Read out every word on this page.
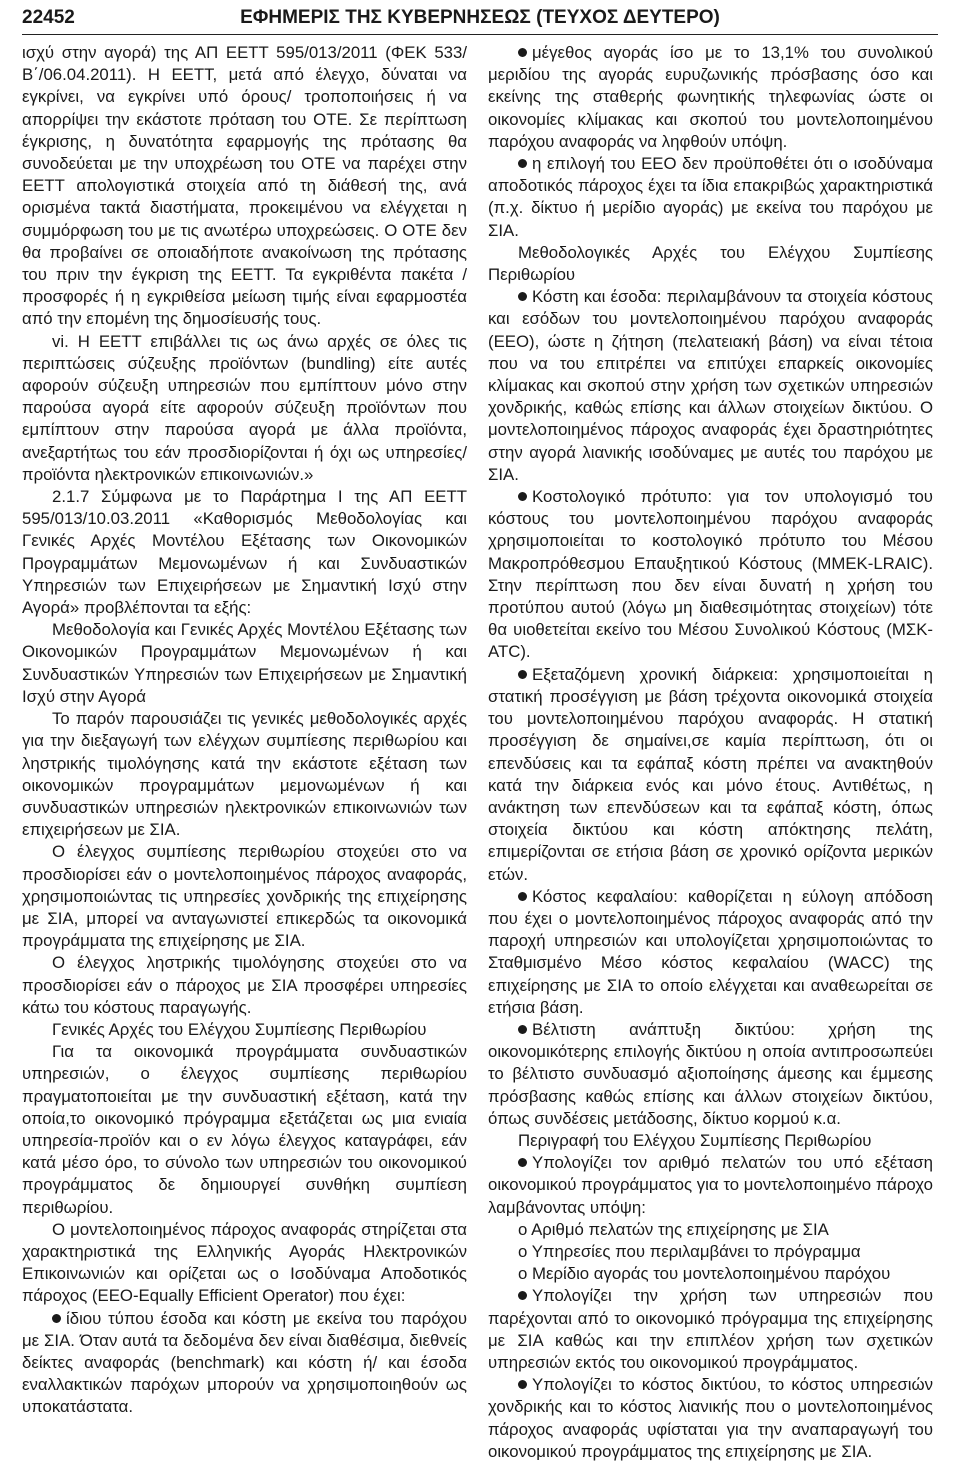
22452	ΕΦΗΜΕΡΙΣ ΤΗΣ ΚΥΒΕΡΝΗΣΕΩΣ (ΤΕΥΧΟΣ ΔΕΥΤΕΡΟ)

ισχύ στην αγορά) της ΑΠ ΕΕΤΤ 595/013/2011 (ΦΕΚ 533/Β΄/06.04.2011). Η ΕΕΤΤ, μετά από έλεγχο, δύναται να εγκρίνει, να εγκρίνει υπό όρους/ τροποποιήσεις ή να απορρίψει την εκάστοτε πρόταση του ΟΤΕ. Σε περίπτωση έγκρισης, η δυνατότητα εφαρμογής της πρότασης θα συνοδεύεται με την υποχρέωση του ΟΤΕ να παρέχει στην ΕΕΤΤ απολογιστικά στοιχεία από τη διάθεσή της, ανά ορισμένα τακτά διαστήματα, προκειμένου να ελέγχεται η συμμόρφωση του με τις ανωτέρω υποχρεώσεις. Ο ΟΤΕ δεν θα προβαίνει σε οποιαδήποτε ανακοίνωση της πρότασης του πριν την έγκριση της ΕΕΤΤ. Τα εγκριθέντα πακέτα / προσφορές ή η εγκριθείσα μείωση τιμής είναι εφαρμοστέα από την επομένη της δημοσίευσής τους.

vi. Η ΕΕΤΤ επιβάλλει τις ως άνω αρχές σε όλες τις περιπτώσεις σύζευξης προϊόντων (bundling) είτε αυτές αφορούν σύζευξη υπηρεσιών που εμπίπτουν μόνο στην παρούσα αγορά είτε αφορούν σύζευξη προϊόντων που εμπίπτουν στην παρούσα αγορά με άλλα προϊόντα, ανεξαρτήτως του εάν προσδιορίζονται ή όχι ως υπηρεσίες/ προϊόντα ηλεκτρονικών επικοινωνιών.»

2.1.7 Σύμφωνα με το Παράρτημα Ι της ΑΠ ΕΕΤΤ 595/013/10.03.2011 «Καθορισμός Μεθοδολογίας και Γενικές Αρχές Μοντέλου Εξέτασης των Οικονομικών Προγραμμάτων Μεμονωμένων ή και Συνδυαστικών Υπηρεσιών των Επιχειρήσεων με Σημαντική Ισχύ στην Αγορά» προβλέπονται τα εξής:

Μεθοδολογία και Γενικές Αρχές Μοντέλου Εξέτασης των Οικονομικών Προγραμμάτων Μεμονωμένων ή και Συνδυαστικών Υπηρεσιών των Επιχειρήσεων με Σημαντική Ισχύ στην Αγορά

Το παρόν παρουσιάζει τις γενικές μεθοδολογικές αρχές για την διεξαγωγή των ελέγχων συμπίεσης περιθωρίου και ληστρικής τιμολόγησης κατά την εκάστοτε εξέταση των οικονομικών προγραμμάτων μεμονωμένων ή και συνδυαστικών υπηρεσιών ηλεκτρονικών επικοινωνιών των επιχειρήσεων με ΣΙΑ.

Ο έλεγχος συμπίεσης περιθωρίου στοχεύει στο να προσδιορίσει εάν ο μοντελοποιημένος πάροχος αναφοράς, χρησιμοποιώντας τις υπηρεσίες χονδρικής της επιχείρησης με ΣΙΑ, μπορεί να ανταγωνιστεί επικερδώς τα οικονομικά προγράμματα της επιχείρησης με ΣΙΑ.

Ο έλεγχος ληστρικής τιμολόγησης στοχεύει στο να προσδιορίσει εάν ο πάροχος με ΣΙΑ προσφέρει υπηρεσίες κάτω του κόστους παραγωγής.

Γενικές Αρχές του Ελέγχου Συμπίεσης Περιθωρίου

Για τα οικονομικά προγράμματα συνδυαστικών υπηρεσιών, ο έλεγχος συμπίεσης περιθωρίου πραγματοποιείται με την συνδυαστική εξέταση, κατά την οποία,το οικονομικό πρόγραμμα εξετάζεται ως μια ενιαία υπηρεσία-προϊόν και ο εν λόγω έλεγχος καταγράφει, εάν κατά μέσο όρο, το σύνολο των υπηρεσιών του οικονομικού προγράμματος δε δημιουργεί συνθήκη συμπίεση περιθωρίου.

Ο μοντελοποιημένος πάροχος αναφοράς στηρίζεται στα χαρακτηριστικά της Ελληνικής Αγοράς Ηλεκτρονικών Επικοινωνιών και ορίζεται ως ο Ισοδύναμα Αποδοτικός πάροχος (ΕΕΟ-Equally Efficient Operator) που έχει:

ίδιου τύπου έσοδα και κόστη με εκείνα του παρόχου με ΣΙΑ. Όταν αυτά τα δεδομένα δεν είναι διαθέσιμα, διεθνείς δείκτες αναφοράς (benchmark) και κόστη ή/ και έσοδα εναλλακτικών παρόχων μπορούν να χρησιμοποιηθούν ως υποκατάστατα.

μέγεθος αγοράς ίσο με το 13,1% του συνολικού μεριδίου της αγοράς ευρυζωνικής πρόσβασης όσο και εκείνης της σταθερής φωνητικής τηλεφωνίας ώστε οι οικονομίες κλίμακας και σκοπού του μοντελοποιημένου παρόχου αναφοράς να ληφθούν υπόψη.

η επιλογή του ΕΕΟ δεν προϋποθέτει ότι ο ισοδύναμα αποδοτικός πάροχος έχει τα ίδια επακριβώς χαρακτηριστικά (π.χ. δίκτυο ή μερίδιο αγοράς) με εκείνα του παρόχου με ΣΙΑ.

Μεθοδολογικές Αρχές του Ελέγχου Συμπίεσης Περιθωρίου

Κόστη και έσοδα: περιλαμβάνουν τα στοιχεία κόστους και εσόδων του μοντελοποιημένου παρόχου αναφοράς (ΕΕΟ), ώστε η ζήτηση (πελατειακή βάση) να είναι τέτοια που να του επιτρέπει να επιτύχει επαρκείς οικονομίες κλίμακας και σκοπού στην χρήση των σχετικών υπηρεσιών χονδρικής, καθώς επίσης και άλλων στοιχείων δικτύου. Ο μοντελοποιημένος πάροχος αναφοράς έχει δραστηριότητες στην αγορά λιανικής ισοδύναμες με αυτές του παρόχου με ΣΙΑ.

Κοστολογικό πρότυπο: για τον υπολογισμό του κόστους του μοντελοποιημένου παρόχου αναφοράς χρησιμοποιείται το κοστολογικό πρότυπο του Μέσου Μακροπρόθεσμου Επαυξητικού Κόστους (ΜΜΕΚ-LRAIC). Στην περίπτωση που δεν είναι δυνατή η χρήση του προτύπου αυτού (λόγω μη διαθεσιμότητας στοιχείων) τότε θα υιοθετείται εκείνο του Μέσου Συνολικού Κόστους (ΜΣΚ-ATC).

Εξεταζόμενη χρονική διάρκεια: χρησιμοποιείται η στατική προσέγγιση με βάση τρέχοντα οικονομικά στοιχεία του μοντελοποιημένου παρόχου αναφοράς. Η στατική προσέγγιση δε σημαίνει,σε καμία περίπτωση, ότι οι επενδύσεις και τα εφάπαξ κόστη πρέπει να ανακτηθούν κατά την διάρκεια ενός και μόνο έτους. Αντιθέτως, η ανάκτηση των επενδύσεων και τα εφάπαξ κόστη, όπως στοιχεία δικτύου και κόστη απόκτησης πελάτη, επιμερίζονται σε ετήσια βάση σε χρονικό ορίζοντα μερικών ετών.

Κόστος κεφαλαίου: καθορίζεται η εύλογη απόδοση που έχει ο μοντελοποιημένος πάροχος αναφοράς από την παροχή υπηρεσιών και υπολογίζεται χρησιμοποιώντας το Σταθμισμένο Μέσο κόστος κεφαλαίου (WACC) της επιχείρησης με ΣΙΑ το οποίο ελέγχεται και αναθεωρείται σε ετήσια βάση.

Βέλτιστη ανάπτυξη δικτύου: χρήση της οικονομικότερης επιλογής δικτύου η οποία αντιπροσωπεύει το βέλτιστο συνδυασμό αξιοποίησης άμεσης και έμμεσης πρόσβασης καθώς επίσης και άλλων στοιχείων δικτύου, όπως συνδέσεις μετάδοσης, δίκτυο κορμού κ.α.

Περιγραφή του Ελέγχου Συμπίεσης Περιθωρίου

Υπολογίζει τον αριθμό πελατών του υπό εξέταση οικονομικού προγράμματος για το μοντελοποιημένο πάροχο λαμβάνοντας υπόψη:

ο Αριθμό πελατών της επιχείρησης με ΣΙΑ

ο Υπηρεσίες που περιλαμβάνει το πρόγραμμα

ο Μερίδιο αγοράς του μοντελοποιημένου παρόχου

Υπολογίζει την χρήση των υπηρεσιών που παρέχονται από το οικονομικό πρόγραμμα της επιχείρησης με ΣΙΑ καθώς και την επιπλέον χρήση των σχετικών υπηρεσιών εκτός του οικονομικού προγράμματος.

Υπολογίζει το κόστος δικτύου, το κόστος υπηρεσιών χονδρικής και το κόστος λιανικής που ο μοντελοποιημένος πάροχος αναφοράς υφίσταται για την αναπαραγωγή του οικονομικού προγράμματος της επιχείρησης με ΣΙΑ.
